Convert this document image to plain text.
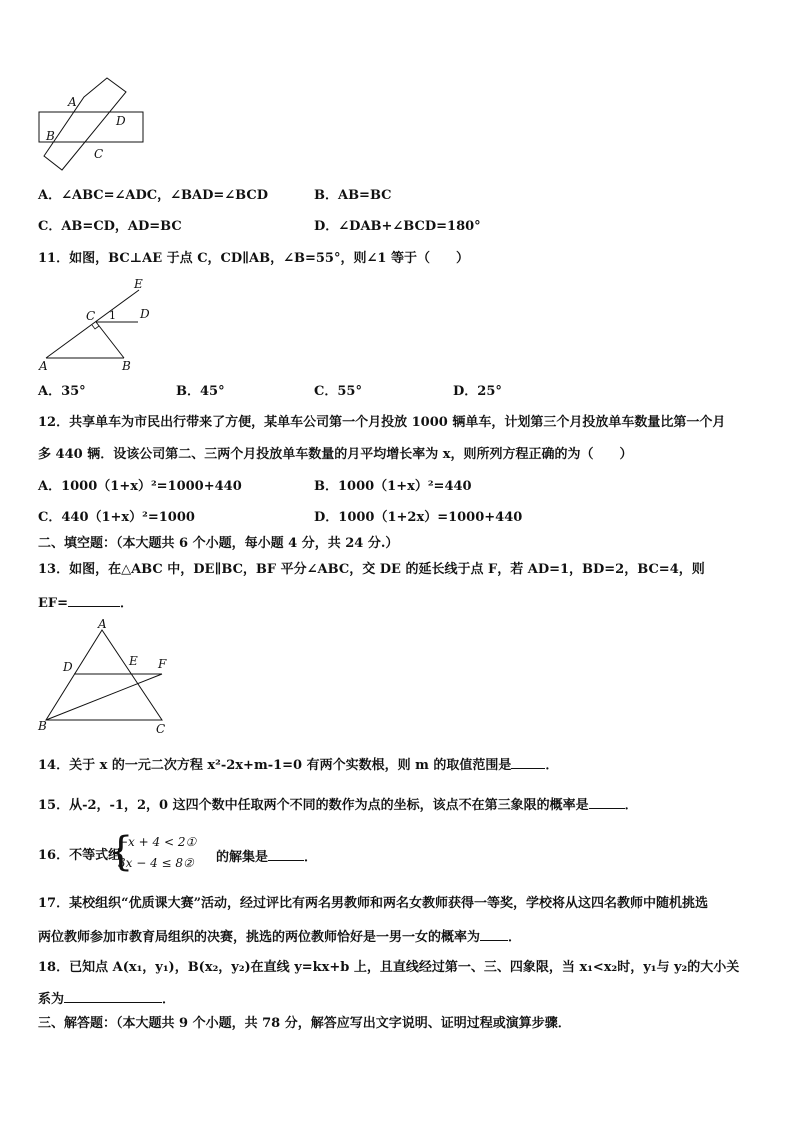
A
D
B
C
A．∠ABC=∠ADC，∠BAD=∠BCD	B．AB=BC
C．AB=CD，AD=BC	D．∠DAB+∠BCD=180°
11．如图，BC⊥AE 于点 C，CD∥AB，∠B=55°，则∠1 等于（　　）
E
C 1 D
A	B
A．35°	B．45°	C．55°	D．25°
12．共享单车为市民出行带来了方便，某单车公司第一个月投放 1000 辆单车，计划第三个月投放单车数量比第一个月
多 440 辆．设该公司第二、三两个月投放单车数量的月平均增长率为 x，则所列方程正确的为（　　）
A．1000（1+x）²=1000+440	B．1000（1+x）²=440
C．440（1+x）²=1000	D．1000（1+2x）=1000+440
二、填空题：（本大题共 6 个小题，每小题 4 分，共 24 分.）
13．如图，在△ABC 中，DE∥BC，BF 平分∠ABC，交 DE 的延长线于点 F，若 AD=1，BD=2，BC=4，则
EF=	．
A
D	E F
B	C
14．关于 x 的一元二次方程 x²-2x+m-1=0 有两个实数根，则 m 的取值范围是	．
15．从-2，-1，2，0 这四个数中任取两个不同的数作为点的坐标，该点不在第三象限的概率是	．
16．不等式组
{
−x + 4 < 2①
3x − 4 ≤ 8② 的解集是	．
17．某校组织“优质课大赛”活动，经过评比有两名男教师和两名女教师获得一等奖，学校将从这四名教师中随机挑选
两位教师参加市教育局组织的决赛，挑选的两位教师恰好是一男一女的概率为 ．
18．已知点 A(x₁，y₁)，B(x₂，y₂)在直线 y=kx+b 上，且直线经过第一、三、四象限，当 x₁<x₂时，y₁与 y₂的大小关
系为	．
三、解答题：（本大题共 9 个小题，共 78 分，解答应写出文字说明、证明过程或演算步骤．
